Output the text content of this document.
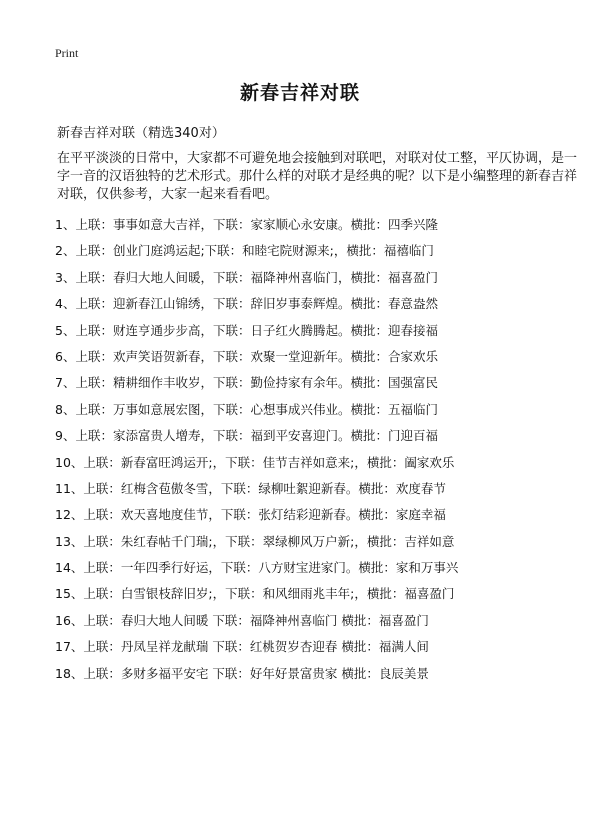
Print
新春吉祥对联
新春吉祥对联（精选340对）
在平平淡淡的日常中，大家都不可避免地会接触到对联吧，对联对仗工整，平仄协调，是一字一音的汉语独特的艺术形式。那什么样的对联才是经典的呢？以下是小编整理的新春吉祥对联，仅供参考，大家一起来看看吧。
1、上联：事事如意大吉祥，下联：家家顺心永安康。横批：四季兴隆
2、上联：创业门庭鸿运起;下联：和睦宅院财源来;，横批：福禧临门
3、上联：春归大地人间暖，下联：福降神州喜临门，横批：福喜盈门
4、上联：迎新春江山锦绣，下联：辞旧岁事泰辉煌。横批：春意盎然
5、上联：财连亨通步步高，下联：日子红火腾腾起。横批：迎春接福
6、上联：欢声笑语贺新春，下联：欢聚一堂迎新年。横批：合家欢乐
7、上联：精耕细作丰收岁，下联：勤俭持家有余年。横批：国强富民
8、上联：万事如意展宏图，下联：心想事成兴伟业。横批：五福临门
9、上联：家添富贵人增寿，下联：福到平安喜迎门。横批：门迎百福
10、上联：新春富旺鸿运开;，下联：佳节吉祥如意来;，横批：阖家欢乐
11、上联：红梅含苞傲冬雪，下联：绿柳吐絮迎新春。横批：欢度春节
12、上联：欢天喜地度佳节，下联：张灯结彩迎新春。横批：家庭幸福
13、上联：朱红春帖千门瑞;，下联：翠绿柳风万户新;，横批：吉祥如意
14、上联：一年四季行好运，下联：八方财宝进家门。横批：家和万事兴
15、上联：白雪银枝辞旧岁;，下联：和风细雨兆丰年;，横批：福喜盈门
16、上联：春归大地人间暖 下联：福降神州喜临门 横批：福喜盈门
17、上联：丹凤呈祥龙献瑞 下联：红桃贺岁杏迎春 横批：福满人间
18、上联：多财多福平安宅 下联：好年好景富贵家 横批：良辰美景
